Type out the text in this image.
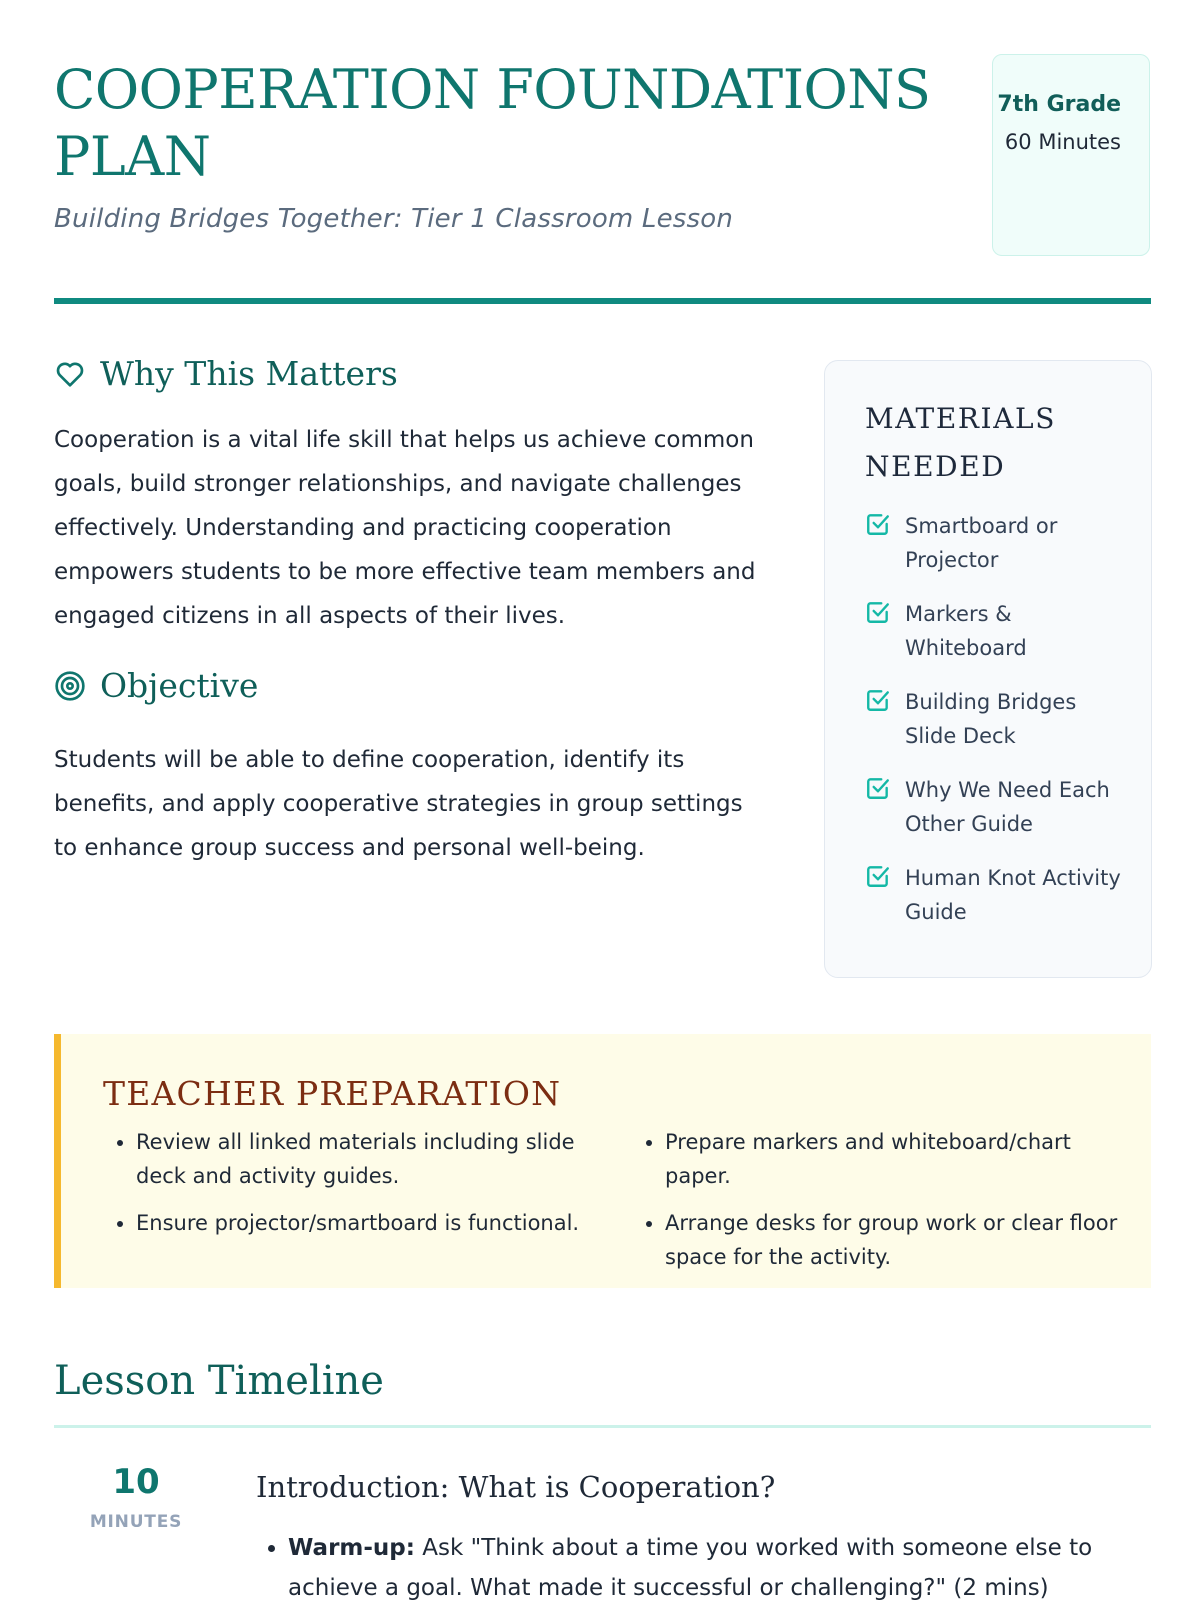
COOPERATION FOUNDATIONS PLAN

Building Bridges Together: Tier 1 Classroom Lesson

7th Grade
60 Minutes
Why This Matters

Cooperation is a vital life skill that helps us achieve common goals, build stronger relationships, and navigate challenges effectively. Understanding and practicing cooperation empowers students to be more effective team members and engaged citizens in all aspects of their lives.

Objective

Students will be able to define cooperation, identify its benefits, and apply cooperative strategies in group settings to enhance group success and personal well-being.

MATERIALS NEEDED
Smartboard or Projector
Markers & Whiteboard
Building Bridges Slide Deck
Why We Need Each Other Guide
Human Knot Activity Guide
TEACHER PREPARATION
• Review all linked materials including slide deck and activity guides.
• Ensure projector/smartboard is functional.
• Prepare markers and whiteboard/chart paper.
• Arrange desks for group work or clear floor space for the activity.
Lesson Timeline
10
MINUTES
Introduction: What is Cooperation?
• Warm-up: Ask "Think about a time you worked with someone else to achieve a goal. What made it successful or challenging?" (2 mins)
